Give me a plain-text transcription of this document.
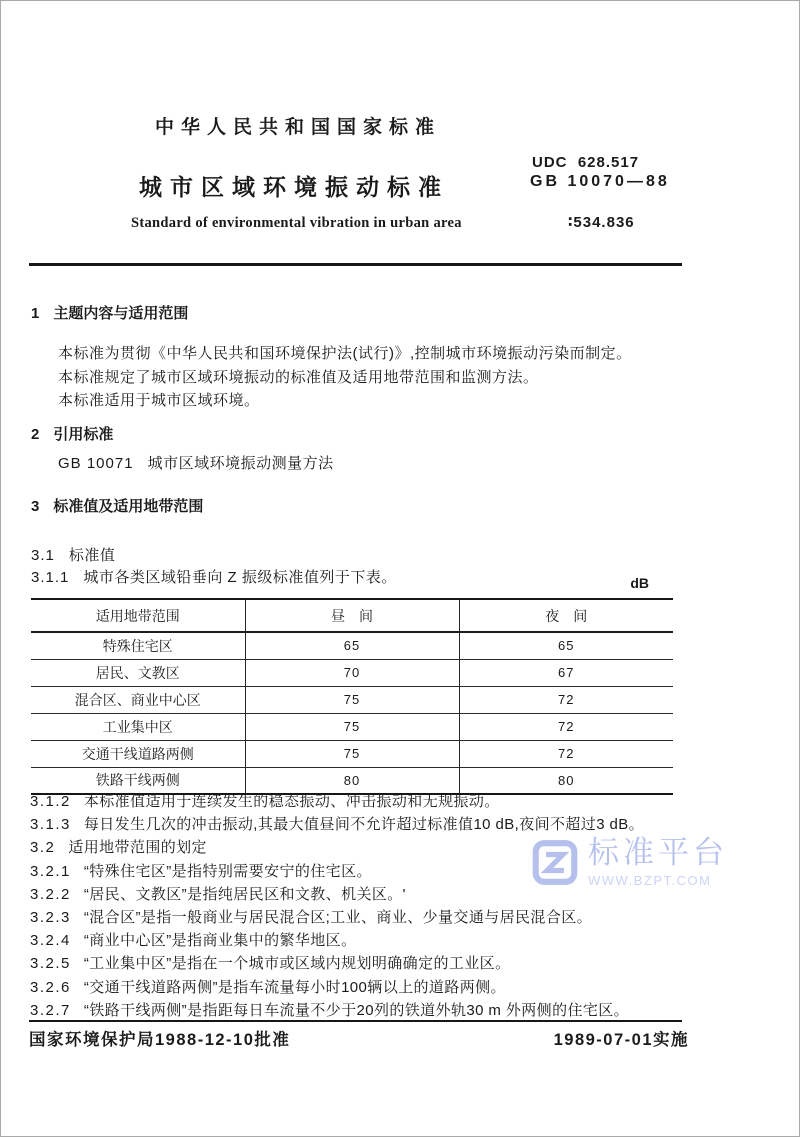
中华人民共和国国家标准

UDC  628.517

∶534.836

城市区域环境振动标准	GB 10070—88
Standard of environmental vibration in urban area
1 主题内容与适用范围
本标准为贯彻《中华人民共和国环境保护法(试行)》,控制城市环境振动污染而制定。
本标准规定了城市区域环境振动的标准值及适用地带范围和监测方法。
本标准适用于城市区域环境。
2 引用标准
GB 10071 城市区域环境振动测量方法
3 标准值及适用地带范围
3.1 标准值
3.1.1 城市各类区域铅垂向 Z 振级标准值列于下表。	dB
适用地带范围	昼　间	夜　间
特殊住宅区	65	65
居民、文教区	70	67
混合区、商业中心区	75	72
工业集中区	75	72
交通干线道路两侧	75	72
铁路干线两侧	80	80
3.1.2 本标准值适用于连续发生的稳态振动、冲击振动和无规振动。
3.1.3 每日发生几次的冲击振动,其最大值昼间不允许超过标准值10 dB,夜间不超过3 dB。
3.2 适用地带范围的划定
3.2.1 “特殊住宅区”是指特别需要安宁的住宅区。
3.2.2 “居民、文教区”是指纯居民区和文教、机关区。'
3.2.3 “混合区”是指一般商业与居民混合区;工业、商业、少量交通与居民混合区。
3.2.4 “商业中心区”是指商业集中的繁华地区。
3.2.5 “工业集中区”是指在一个城市或区域内规划明确确定的工业区。
3.2.6 “交通干线道路两侧”是指车流量每小时100辆以上的道路两侧。
3.2.7 “铁路干线两侧”是指距每日车流量不少于20列的铁道外轨30 m 外两侧的住宅区。
标准平台
WWW.BZPT.COM
国家环境保护局1988-12-10批准	1989-07-01实施
